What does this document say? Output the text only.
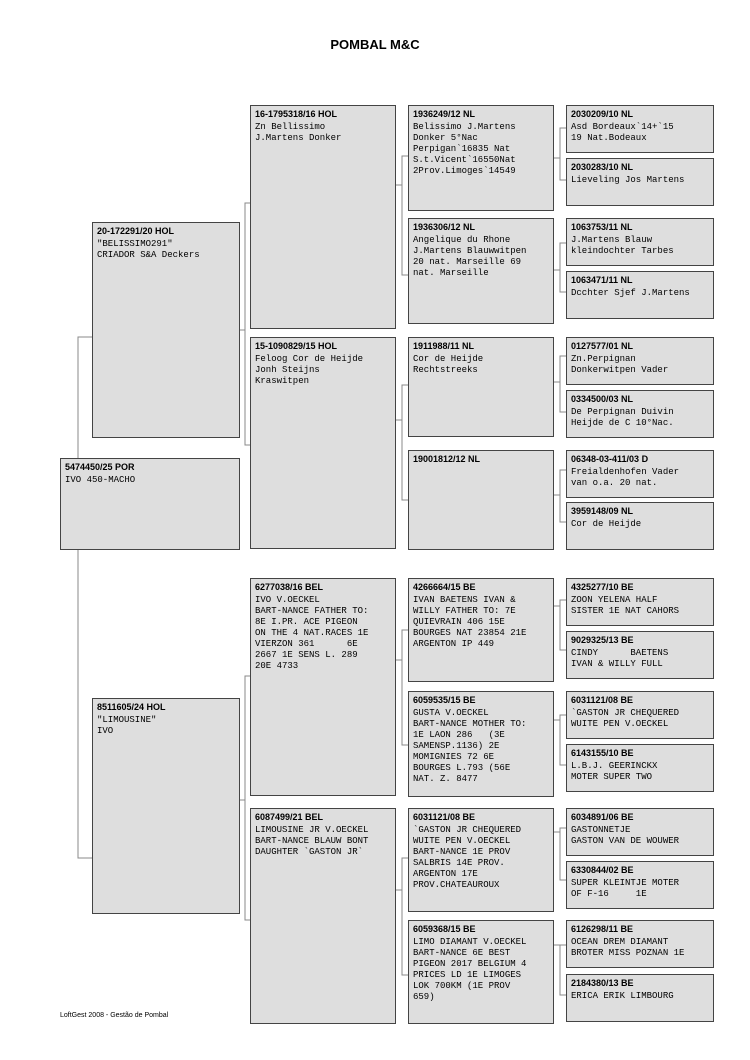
POMBAL M&C
5474450/25 POR
IVO 450-MACHO
20-172291/20 HOL
"BELISSIMO291"
CRIADOR S&A Deckers
8511605/24 HOL
"LIMOUSINE"
IVO
16-1795318/16 HOL
Zn Bellissimo
J.Martens Donker
15-1090829/15 HOL
Feloog Cor de Heijde
Jonh Steijns
Kraswitpen
6277038/16 BEL
IVO V.OECKEL
BART-NANCE FATHER TO:
8E I.PR. ACE PIGEON
ON THE 4 NAT.RACES 1E
VIERZON 361      6E
2667 1E SENS L. 289
20E 4733
6087499/21 BEL
LIMOUSINE JR V.OECKEL
BART-NANCE BLAUW BONT
DAUGHTER `GASTON JR`
1936249/12 NL
Belissimo J.Martens
Donker 5°Nac
Perpigan`16835 Nat
S.t.Vicent`16550Nat
2Prov.Limoges`14549
1936306/12 NL
Angelique du Rhone
J.Martens Blauwwitpen
20 nat. Marseille 69
nat. Marseille
1911988/11 NL
Cor de Heijde
Rechtstreeks
19001812/12 NL
4266664/15 BE
IVAN BAETENS IVAN &
WILLY FATHER TO: 7E
QUIEVRAIN 406 15E
BOURGES NAT 23854 21E
ARGENTON IP 449
6059535/15 BE
GUSTA V.OECKEL
BART-NANCE MOTHER TO:
1E LAON 286   (3E
SAMENSP.1136) 2E
MOMIGNIES 72 6E
BOURGES L.793 (56E
NAT. Z. 8477
6031121/08 BE
`GASTON JR CHEQUERED
WUITE PEN V.OECKEL
BART-NANCE 1E PROV
SALBRIS 14E PROV.
ARGENTON 17E
PROV.CHATEAUROUX
6059368/15 BE
LIMO DIAMANT V.OECKEL
BART-NANCE 6E BEST
PIGEON 2017 BELGIUM 4
PRICES LD 1E LIMOGES
LOK 700KM (1E PROV
659)
2030209/10 NL
Asd Bordeaux`14+`15
19 Nat.Bodeaux
2030283/10 NL
Lieveling Jos Martens
1063753/11 NL
J.Martens Blauw
kleindochter Tarbes
1063471/11 NL
Dcchter Sjef J.Martens
0127577/01 NL
Zn.Perpignan
Donkerwitpen Vader
0334500/03 NL
De Perpignan Duivin
Heijde de C 10°Nac.
06348-03-411/03 D
Freialdenhofen Vader
van o.a. 20 nat.
3959148/09 NL
Cor de Heijde
4325277/10 BE
ZOON YELENA HALF
SISTER 1E NAT CAHORS
9029325/13 BE
CINDY      BAETENS
IVAN & WILLY FULL
6031121/08 BE
`GASTON JR CHEQUERED
WUITE PEN V.OECKEL
6143155/10 BE
L.B.J. GEERINCKX
MOTER SUPER TWO
6034891/06 BE
GASTONNETJE
GASTON VAN DE WOUWER
6330844/02 BE
SUPER KLEINTJE MOTER
OF F-16     1E
6126298/11 BE
OCEAN DREM DIAMANT
BROTER MISS POZNAN 1E
2184380/13 BE
ERICA ERIK LIMBOURG
LoftGest 2008 - Gestão de Pombal
